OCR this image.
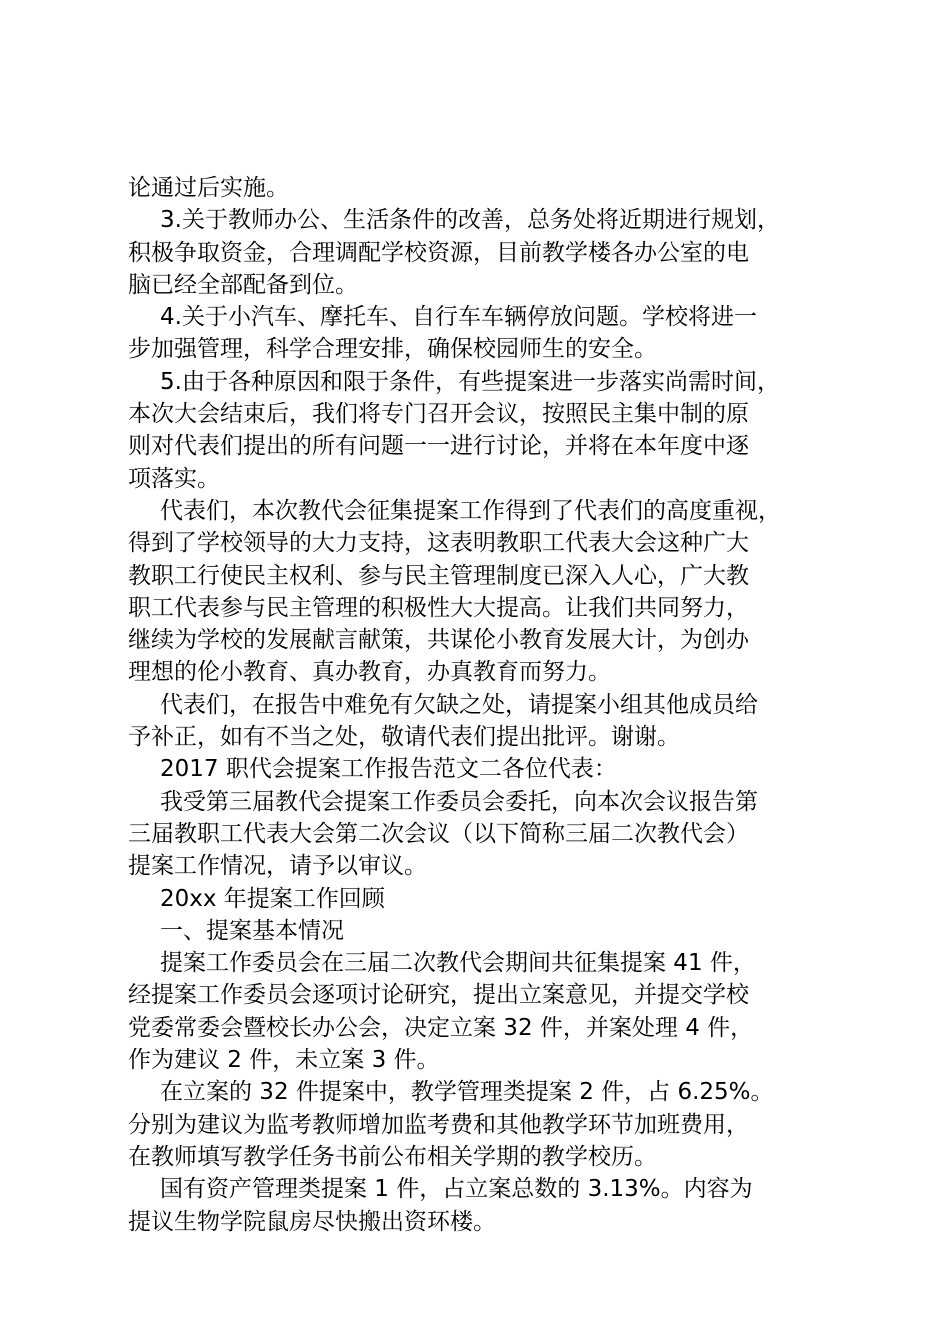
论通过后实施。
3.关于教师办公、生活条件的改善，总务处将近期进行规划，
积极争取资金，合理调配学校资源，目前教学楼各办公室的电
脑已经全部配备到位。
4.关于小汽车、摩托车、自行车车辆停放问题。学校将进一
步加强管理，科学合理安排，确保校园师生的安全。
5.由于各种原因和限于条件，有些提案进一步落实尚需时间，
本次大会结束后，我们将专门召开会议，按照民主集中制的原
则对代表们提出的所有问题一一进行讨论，并将在本年度中逐
项落实。
代表们，本次教代会征集提案工作得到了代表们的高度重视，
得到了学校领导的大力支持，这表明教职工代表大会这种广大
教职工行使民主权利、参与民主管理制度已深入人心，广大教
职工代表参与民主管理的积极性大大提高。让我们共同努力，
继续为学校的发展献言献策，共谋伦小教育发展大计，为创办
理想的伦小教育、真办教育，办真教育而努力。
代表们，在报告中难免有欠缺之处，请提案小组其他成员给
予补正，如有不当之处，敬请代表们提出批评。谢谢。
2017 职代会提案工作报告范文二各位代表：
我受第三届教代会提案工作委员会委托，向本次会议报告第
三届教职工代表大会第二次会议（以下简称三届二次教代会）
提案工作情况，请予以审议。
20xx 年提案工作回顾
一、提案基本情况
提案工作委员会在三届二次教代会期间共征集提案 41 件，
经提案工作委员会逐项讨论研究，提出立案意见，并提交学校
党委常委会暨校长办公会，决定立案 32 件，并案处理 4 件，
作为建议 2 件，未立案 3 件。
在立案的 32 件提案中，教学管理类提案 2 件，占 6.25%。
分别为建议为监考教师增加监考费和其他教学环节加班费用，
在教师填写教学任务书前公布相关学期的教学校历。
国有资产管理类提案 1 件，占立案总数的 3.13%。内容为
提议生物学院鼠房尽快搬出资环楼。
